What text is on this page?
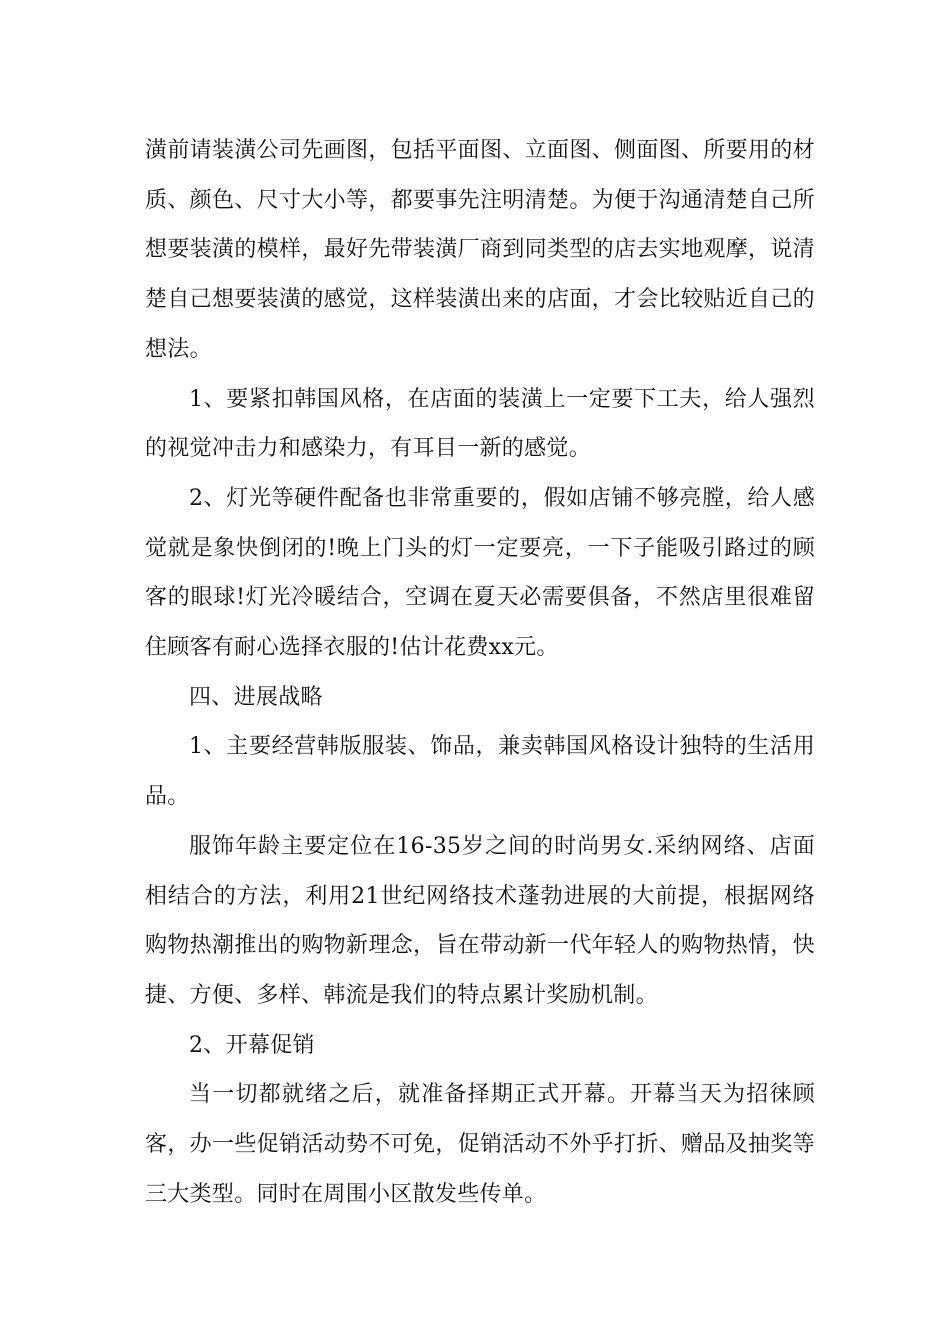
潢前请装潢公司先画图，包括平面图、立面图、侧面图、所要用的材质、颜色、尺寸大小等，都要事先注明清楚。为便于沟通清楚自己所想要装潢的模样，最好先带装潢厂商到同类型的店去实地观摩，说清楚自己想要装潢的感觉，这样装潢出来的店面，才会比较贴近自己的想法。

1、要紧扣韩国风格，在店面的装潢上一定要下工夫，给人强烈的视觉冲击力和感染力，有耳目一新的感觉。

2、灯光等硬件配备也非常重要的，假如店铺不够亮膛，给人感觉就是象快倒闭的!晚上门头的灯一定要亮，一下子能吸引路过的顾客的眼球!灯光冷暖结合，空调在夏天必需要俱备，不然店里很难留住顾客有耐心选择衣服的!估计花费xx元。

四、进展战略

1、主要经营韩版服装、饰品，兼卖韩国风格设计独特的生活用品。

服饰年龄主要定位在16-35岁之间的时尚男女.采纳网络、店面相结合的方法，利用21世纪网络技术蓬勃进展的大前提，根据网络购物热潮推出的购物新理念，旨在带动新一代年轻人的购物热情，快捷、方便、多样、韩流是我们的特点累计奖励机制。

2、开幕促销

当一切都就绪之后，就准备择期正式开幕。开幕当天为招徕顾客，办一些促销活动势不可免，促销活动不外乎打折、赠品及抽奖等三大类型。同时在周围小区散发些传单。
